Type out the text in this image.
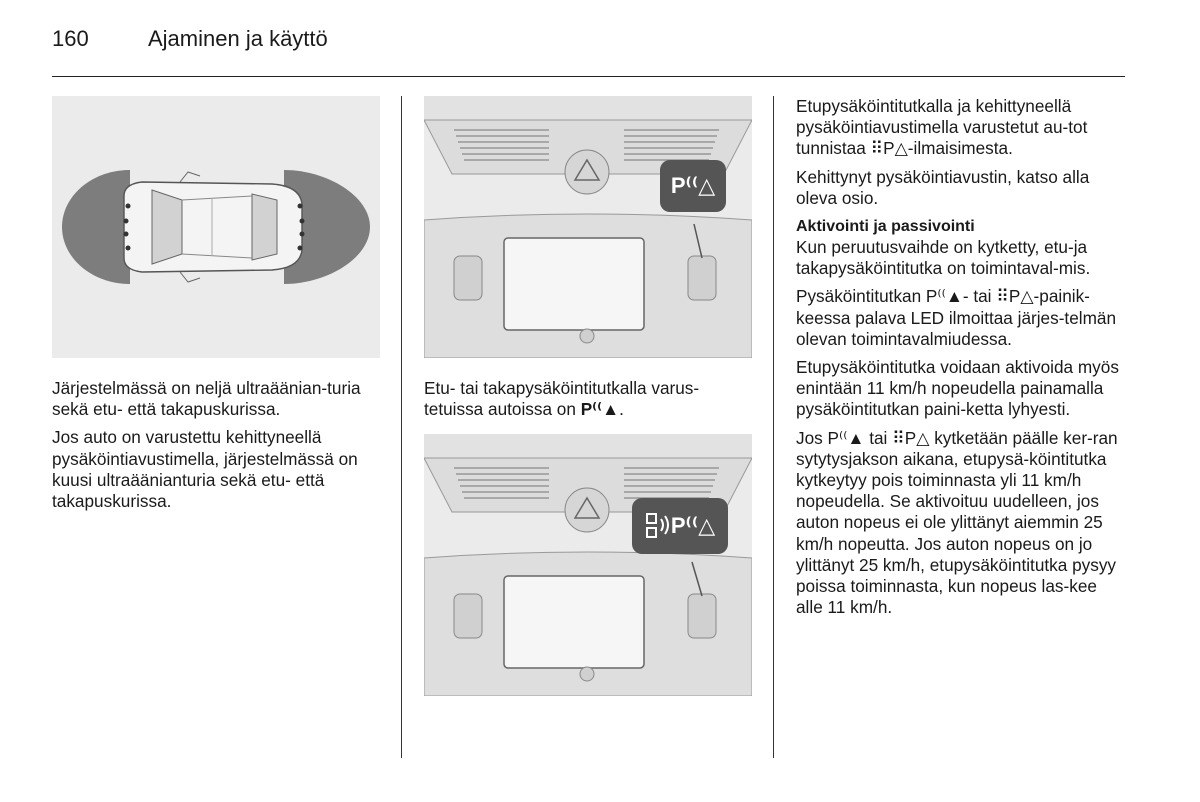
160	Ajaminen ja käyttö

Järjestelmässä on neljä ultraäänian-turia sekä etu- että takapuskurissa.

Jos auto on varustettu kehittyneellä pysäköintiavustimella, järjestelmässä on kuusi ultraäänianturia sekä etu- että takapuskurissa.

P⁽⁽△

Etu- tai takapysäköintitutkalla varus-tetuissa autoissa on P⁽⁽▲.

P⁽⁽△

Etupysäköintitutkalla ja kehittyneellä pysäköintiavustimella varustetut au-tot tunnistaa ⠿P△-ilmaisimesta.

Kehittynyt pysäköintiavustin, katso alla oleva osio.

Aktivointi ja passivointi

Kun peruutusvaihde on kytketty, etu-ja takapysäköintitutka on toimintaval-mis.

Pysäköintitutkan P⁽⁽▲- tai ⠿P△-painik-keessa palava LED ilmoittaa järjes-telmän olevan toimintavalmiudessa.

Etupysäköintitutka voidaan aktivoida myös enintään 11 km/h nopeudella painamalla pysäköintitutkan paini-ketta lyhyesti.

Jos P⁽⁽▲ tai ⠿P△ kytketään päälle ker-ran sytytysjakson aikana, etupysä-köintitutka kytkeytyy pois toiminnasta yli 11 km/h nopeudella. Se aktivoituu uudelleen, jos auton nopeus ei ole ylittänyt aiemmin 25 km/h nopeutta. Jos auton nopeus on jo ylittänyt 25 km/h, etupysäköintitutka pysyy poissa toiminnasta, kun nopeus las-kee alle 11 km/h.
